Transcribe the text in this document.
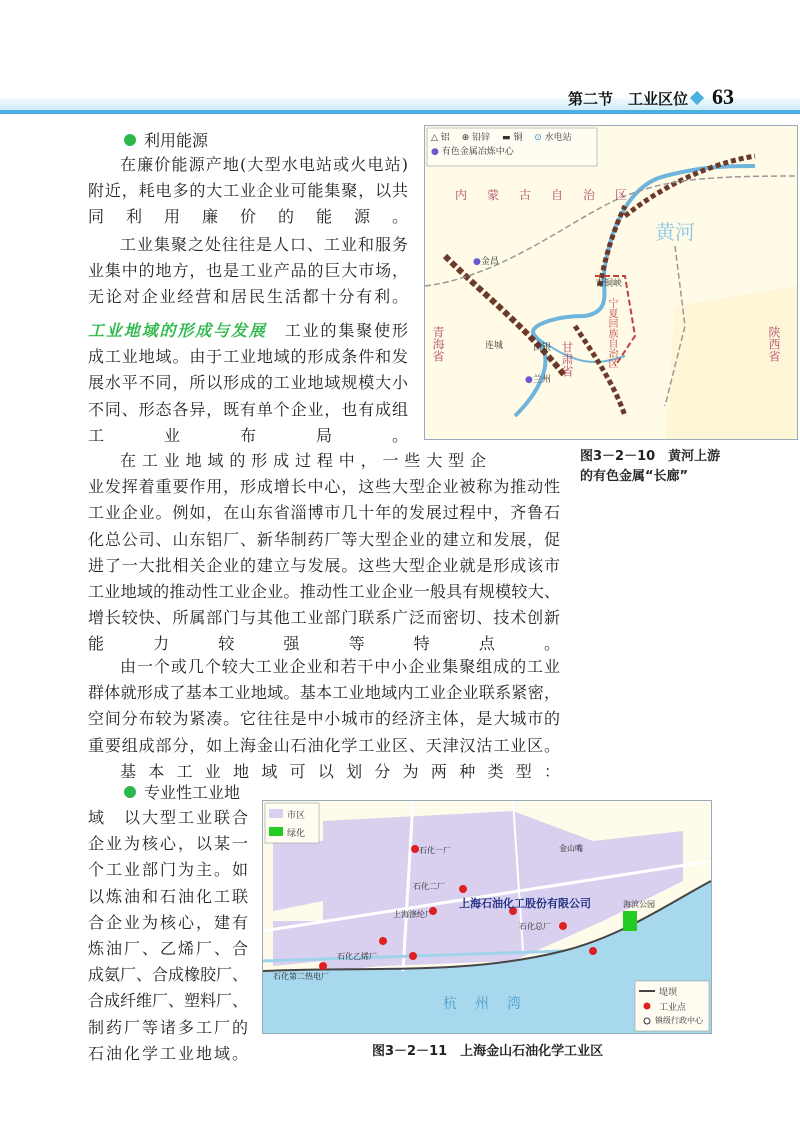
第二节　工业区位 63
利用能源
在廉价能源产地(大型水电站或火电站)
附近，耗电多的大工业企业可能集聚，以共
同利用廉价的能源。
工业集聚之处往往是人口、工业和服务
业集中的地方，也是工业产品的巨大市场，
无论对企业经营和居民生活都十分有利。
工业地域的形成与发展　 工业的集聚使形
成工业地域。由于工业地域的形成条件和发
展水平不同，所以形成的工业地域规模大小
不同、形态各异，既有单个企业，也有成组
工业布局。
△ 铝　 ⊕ 铅锌　 ▬ 铜　 ⊙ 水电站
● 有色金属冶炼中心
内蒙古自治区
宁夏回族自治区
青海省	甘肃省	陕西省
●金昌
白银
●兰州
青铜峡
连城
黄河
图3－2－10　黄河上游
的有色金属“长廊”
在工业地域的形成过程中，一些大型企
业发挥着重要作用，形成增长中心，这些大型企业被称为推动性
工业企业。例如，在山东省淄博市几十年的发展过程中，齐鲁石
化总公司、山东铝厂、新华制药厂等大型企业的建立和发展，促
进了一大批相关企业的建立与发展。这些大型企业就是形成该市
工业地域的推动性工业企业。推动性工业企业一般具有规模较大、
增长较快、所属部门与其他工业部门联系广泛而密切、技术创新
能力较强等特点。
由一个或几个较大工业企业和若干中小企业集聚组成的工业
群体就形成了基本工业地域。基本工业地域内工业企业联系紧密，
空间分布较为紧凑。它往往是中小城市的经济主体，是大城市的
重要组成部分，如上海金山石油化学工业区、天津汉沽工业区。
基本工业地域可以划分为两种类型：
专业性工业地
域　以大型工业联合
企业为核心，以某一
个工业部门为主。如
以炼油和石油化工联
合企业为核心，建有
炼油厂、乙烯厂、合
成氨厂、合成橡胶厂、
合成纤维厂、塑料厂、
制药厂等诸多工厂的
石油化学工业地域。
市区
绿化
堤坝
工业点
镇级行政中心
上海石油化工股份有限公司
石化二厂
石化一厂	金山嘴
石化总厂
上海涤纶厂
石化乙烯厂
石化第二热电厂
海滨公园
杭州湾
图3－2－11　上海金山石油化学工业区
